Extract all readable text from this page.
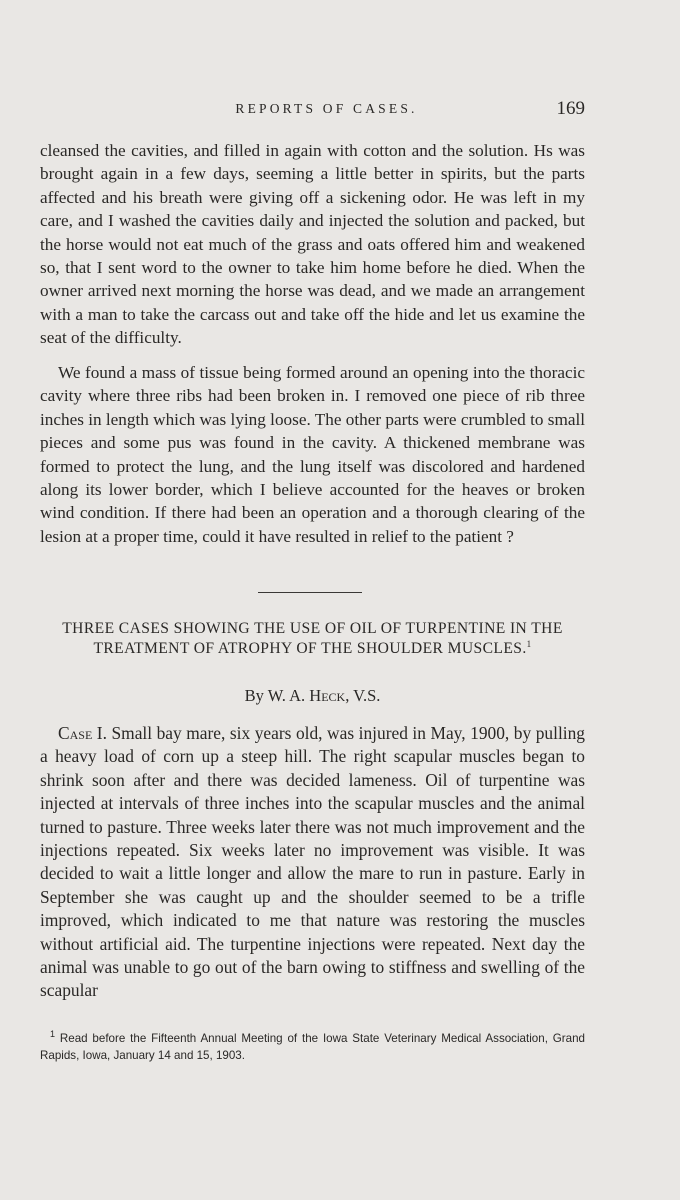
REPORTS OF CASES.	169

cleansed the cavities, and filled in again with cotton and the solution. Hs was brought again in a few days, seeming a little better in spirits, but the parts affected and his breath were giving off a sickening odor. He was left in my care, and I washed the cavities daily and injected the solution and packed, but the horse would not eat much of the grass and oats offered him and weakened so, that I sent word to the owner to take him home before he died. When the owner arrived next morning the horse was dead, and we made an arrangement with a man to take the carcass out and take off the hide and let us examine the seat of the difficulty.

We found a mass of tissue being formed around an opening into the thoracic cavity where three ribs had been broken in. I removed one piece of rib three inches in length which was lying loose. The other parts were crumbled to small pieces and some pus was found in the cavity. A thickened membrane was formed to protect the lung, and the lung itself was discolored and hardened along its lower border, which I believe accounted for the heaves or broken wind condition. If there had been an operation and a thorough clearing of the lesion at a proper time, could it have resulted in relief to the patient ?

THREE CASES SHOWING THE USE OF OIL OF TURPENTINE IN THE TREATMENT OF ATROPHY OF THE SHOULDER MUSCLES.$^1$
By W. A. Heck, V.S.

Case I. Small bay mare, six years old, was injured in May, 1900, by pulling a heavy load of corn up a steep hill. The right scapular muscles began to shrink soon after and there was decided lameness. Oil of turpentine was injected at intervals of three inches into the scapular muscles and the animal turned to pasture. Three weeks later there was not much improvement and the injections repeated. Six weeks later no improvement was visible. It was decided to wait a little longer and allow the mare to run in pasture. Early in September she was caught up and the shoulder seemed to be a trifle improved, which indicated to me that nature was restoring the muscles without artificial aid. The turpentine injections were repeated. Next day the animal was unable to go out of the barn owing to stiffness and swelling of the scapular

$^1$ Read before the Fifteenth Annual Meeting of the Iowa State Veterinary Medical Association, Grand Rapids, Iowa, January 14 and 15, 1903.
